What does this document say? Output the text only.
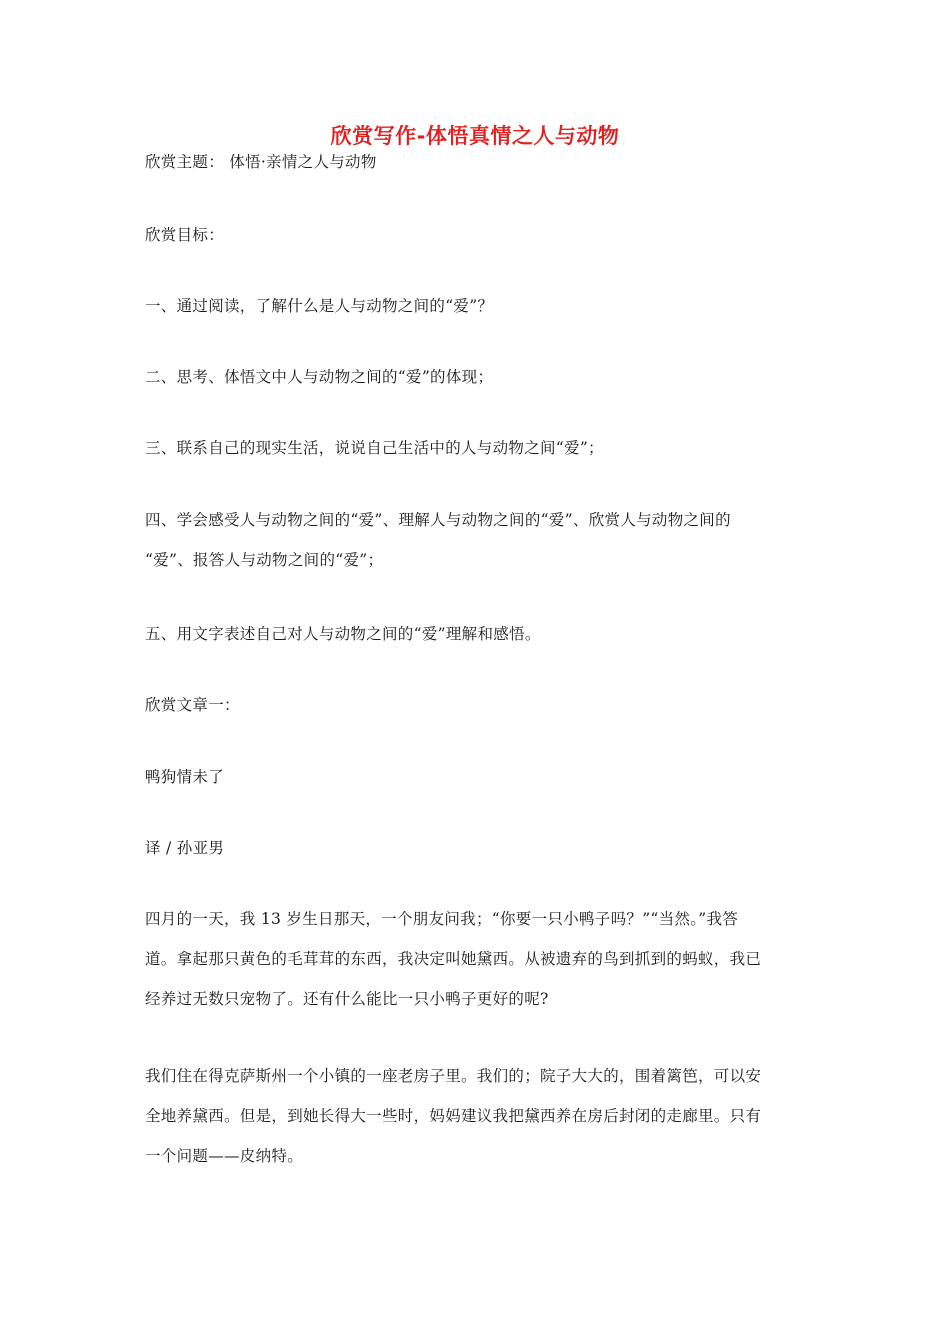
欣赏写作-体悟真情之人与动物
欣赏主题： 体悟·亲情之人与动物
欣赏目标：
一、通过阅读，了解什么是人与动物之间的“爱”？
二、思考、体悟文中人与动物之间的“爱”的体现；
三、联系自己的现实生活，说说自己生活中的人与动物之间“爱”；
四、学会感受人与动物之间的“爱”、理解人与动物之间的“爱”、欣赏人与动物之间的
“爱”、报答人与动物之间的“爱”；
五、用文字表述自己对人与动物之间的“爱”理解和感悟。
欣赏文章一：
鸭狗情未了
译 / 孙亚男
四月的一天，我 13 岁生日那天，一个朋友问我；“你要一只小鸭子吗？”“当然。”我答
道。拿起那只黄色的毛茸茸的东西，我决定叫她黛西。从被遗弃的鸟到抓到的蚂蚁，我已
经养过无数只宠物了。还有什么能比一只小鸭子更好的呢?
我们住在得克萨斯州一个小镇的一座老房子里。我们的；院子大大的，围着篱笆，可以安
全地养黛西。但是，到她长得大一些时，妈妈建议我把黛西养在房后封闭的走廊里。只有
一个问题——皮纳特。
